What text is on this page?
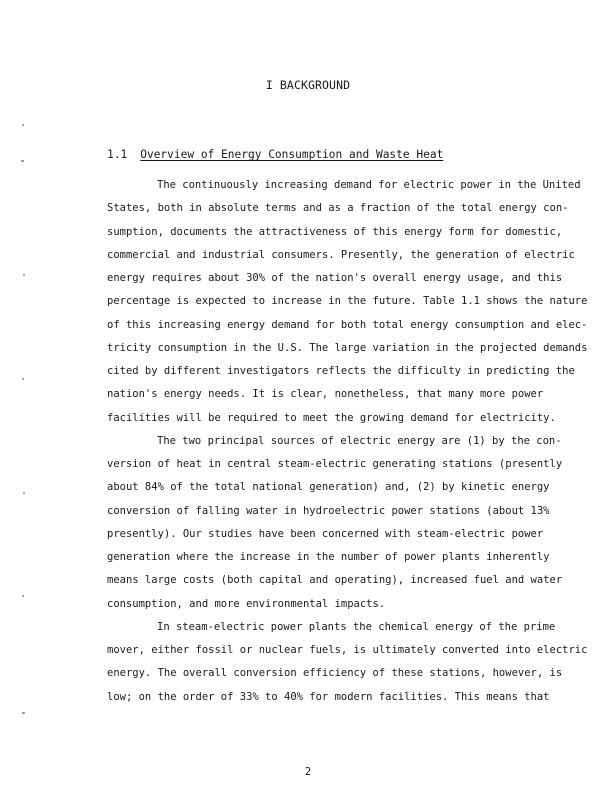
I BACKGROUND
1.1 Overview of Energy Consumption and Waste Heat
The continuously increasing demand for electric power in the United
States, both in absolute terms and as a fraction of the total energy con-
sumption, documents the attractiveness of this energy form for domestic,
commercial and industrial consumers. Presently, the generation of electric
energy requires about 30% of the nation's overall energy usage, and this
percentage is expected to increase in the future. Table 1.1 shows the nature
of this increasing energy demand for both total energy consumption and elec-
tricity consumption in the U.S. The large variation in the projected demands
cited by different investigators reflects the difficulty in predicting the
nation's energy needs. It is clear, nonetheless, that many more power
facilities will be required to meet the growing demand for electricity.
The two principal sources of electric energy are (1) by the con-
version of heat in central steam-electric generating stations (presently
about 84% of the total national generation) and, (2) by kinetic energy
conversion of falling water in hydroelectric power stations (about 13%
presently). Our studies have been concerned with steam-electric power
generation where the increase in the number of power plants inherently
means large costs (both capital and operating), increased fuel and water
consumption, and more environmental impacts.
In steam-electric power plants the chemical energy of the prime
mover, either fossil or nuclear fuels, is ultimately converted into electric
energy. The overall conversion efficiency of these stations, however, is
low; on the order of 33% to 40% for modern facilities. This means that
2
